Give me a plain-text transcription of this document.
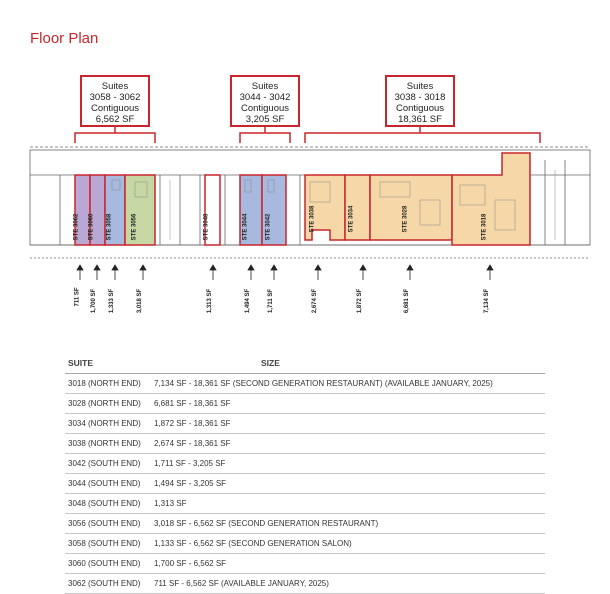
Floor Plan
Suites
3058 - 3062
Contiguous
6,562 SF
Suites
3044 - 3042
Contiguous
3,205 SF
Suites
3038 - 3018
Contiguous
18,361 SF
STE 3062 STE 3060 STE 3058	STE 3056	STE 3048	STE 3044	STE 3042	STE 3038	STE 3034	STE 3028	STE 3018
711 SF 1,700 SF 1,333 SF	3,018 SF	1,313 SF	1,494 SF	1,711 SF	2,674 SF	1,872 SF	6,681 SF	7,134 SF
SUITE	SIZE
3018 (NORTH END)	7,134 SF - 18,361 SF (SECOND GENERATION RESTAURANT) (AVAILABLE JANUARY, 2025)
3028 (NORTH END)	6,681 SF - 18,361 SF
3034 (NORTH END)	1,872 SF - 18,361 SF
3038 (NORTH END)	2,674 SF - 18,361 SF
3042 (SOUTH END)	1,711 SF - 3,205 SF
3044 (SOUTH END)	1,494 SF - 3,205 SF
3048 (SOUTH END)	1,313 SF
3056 (SOUTH END)	3,018 SF - 6,562 SF (SECOND GENERATION RESTAURANT)
3058 (SOUTH END)	1,133 SF - 6,562 SF (SECOND GENERATION SALON)
3060 (SOUTH END)	1,700 SF - 6,562 SF
3062 (SOUTH END)	711 SF - 6,562 SF (AVAILABLE JANUARY, 2025)
